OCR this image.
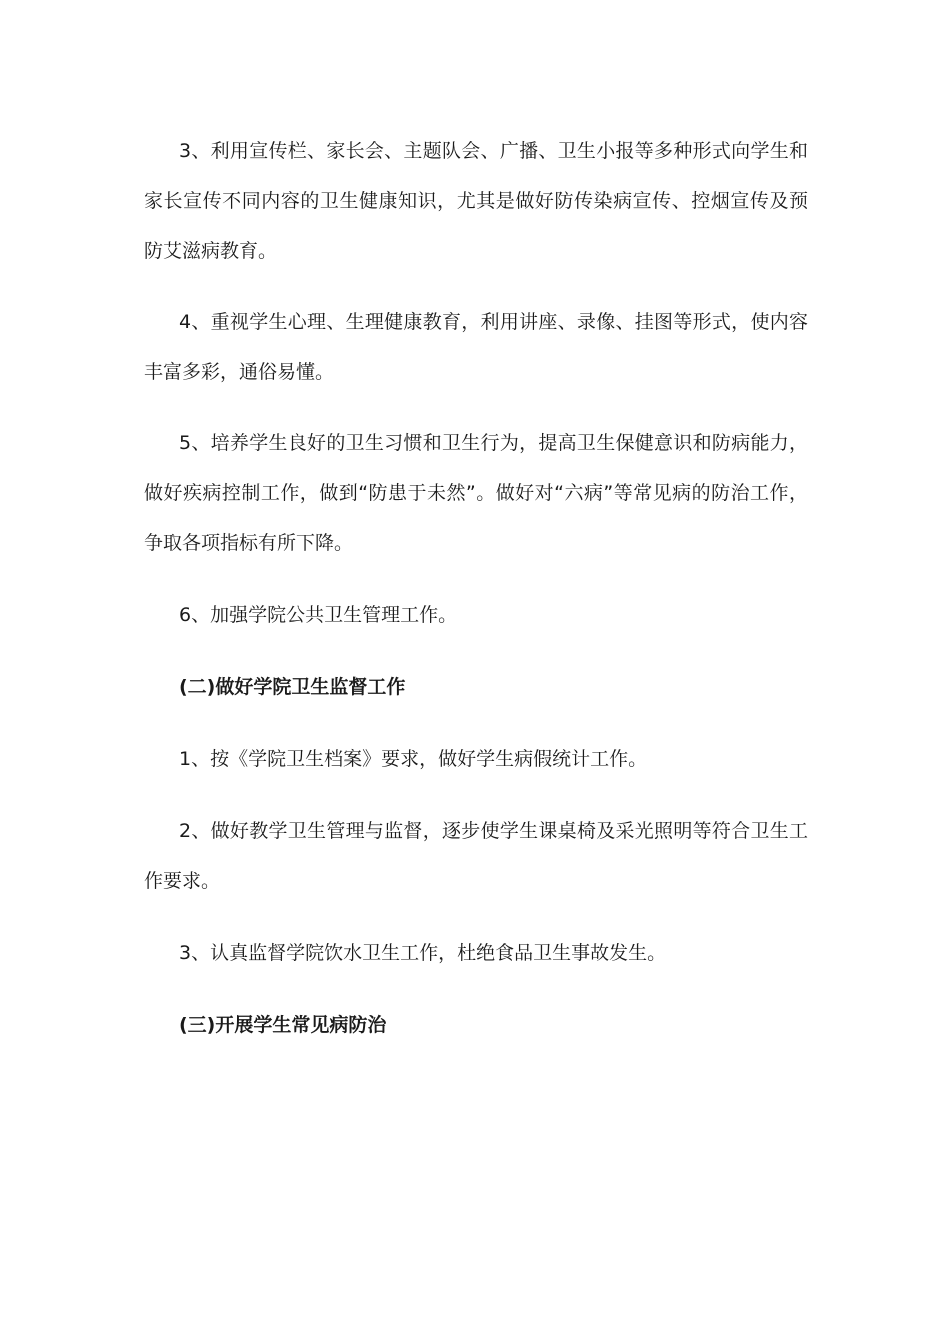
3、利用宣传栏、家长会、主题队会、广播、卫生小报等多种形式向学生和家长宣传不同内容的卫生健康知识，尤其是做好防传染病宣传、控烟宣传及预防艾滋病教育。

4、重视学生心理、生理健康教育，利用讲座、录像、挂图等形式，使内容丰富多彩，通俗易懂。

5、培养学生良好的卫生习惯和卫生行为，提高卫生保健意识和防病能力，做好疾病控制工作，做到“防患于未然”。做好对“六病”等常见病的防治工作，争取各项指标有所下降。

6、加强学院公共卫生管理工作。

(二)做好学院卫生监督工作

1、按《学院卫生档案》要求，做好学生病假统计工作。

2、做好教学卫生管理与监督，逐步使学生课桌椅及采光照明等符合卫生工作要求。

3、认真监督学院饮水卫生工作，杜绝食品卫生事故发生。

(三)开展学生常见病防治
